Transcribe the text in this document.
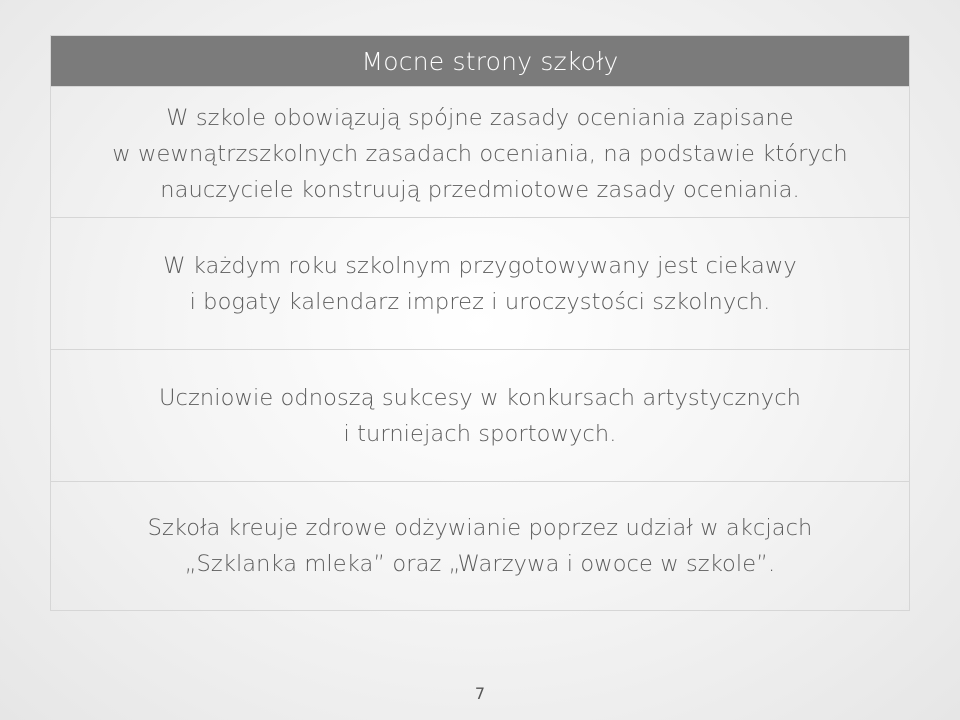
Mocne strony szkoły
W szkole obowiązują spójne zasady oceniania zapisane
w wewnątrzszkolnych zasadach oceniania, na podstawie których
nauczyciele konstruują przedmiotowe zasady oceniania.
W każdym roku szkolnym przygotowywany jest ciekawy
i bogaty kalendarz imprez i uroczystości szkolnych.
Uczniowie odnoszą sukcesy w konkursach artystycznych
i turniejach sportowych.
Szkoła kreuje zdrowe odżywianie poprzez udział w akcjach
„Szklanka mleka” oraz „Warzywa i owoce w szkole”.
7
